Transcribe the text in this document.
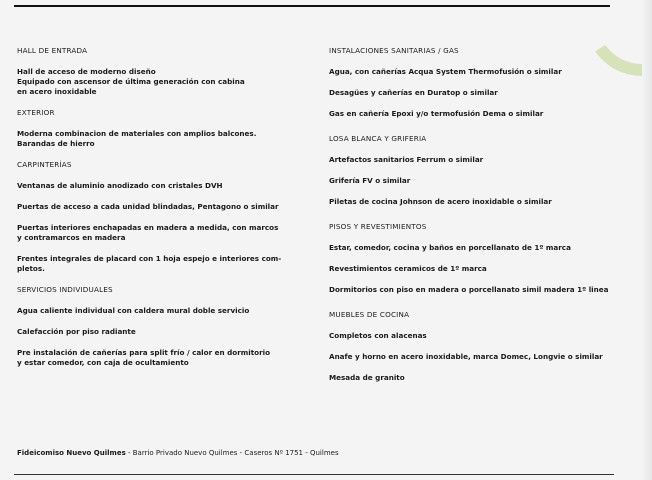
HALL DE ENTRADA
Hall de acceso de moderno diseño
Equipado con ascensor de última generación con cabina
en acero inoxidable
EXTERIOR
Moderna combinacion de materiales con amplios balcones.
Barandas de hierro
CARPINTERÍAS
Ventanas de aluminio anodizado con cristales DVH
Puertas de acceso a cada unidad blindadas, Pentagono o similar
Puertas interiores enchapadas en madera a medida, con marcos
y contramarcos en madera
Frentes integrales de placard con 1 hoja espejo e interiores com-
pletos.
SERVICIOS INDIVIDUALES
Agua caliente individual con caldera mural doble servicio
Calefacción por piso radiante
Pre instalación de cañerías para split frío / calor en dormitorio
y estar comedor, con caja de ocultamiento
INSTALACIONES SANITARIAS / GAS
Agua, con cañerías Acqua System Thermofusión o similar
Desagües y cañerías en Duratop o similar
Gas en cañería Epoxi y/o termofusión Dema o similar
LOSA BLANCA Y GRIFERIA
Artefactos sanitarios Ferrum o similar
Grifería FV o similar
Piletas de cocina Johnson de acero inoxidable o similar
PISOS Y REVESTIMIENTOS
Estar, comedor, cocina y baños en porcellanato de 1º marca
Revestimientos ceramicos de 1º marca
Dormitorios con piso en madera o porcellanato simil madera 1º linea
MUEBLES DE COCINA
Completos con alacenas
Anafe y horno en acero inoxidable, marca Domec, Longvie o similar
Mesada de granito
Fideicomiso Nuevo Quilmes - Barrio Privado Nuevo Quilmes - Caseros Nº 1751 - Quilmes
